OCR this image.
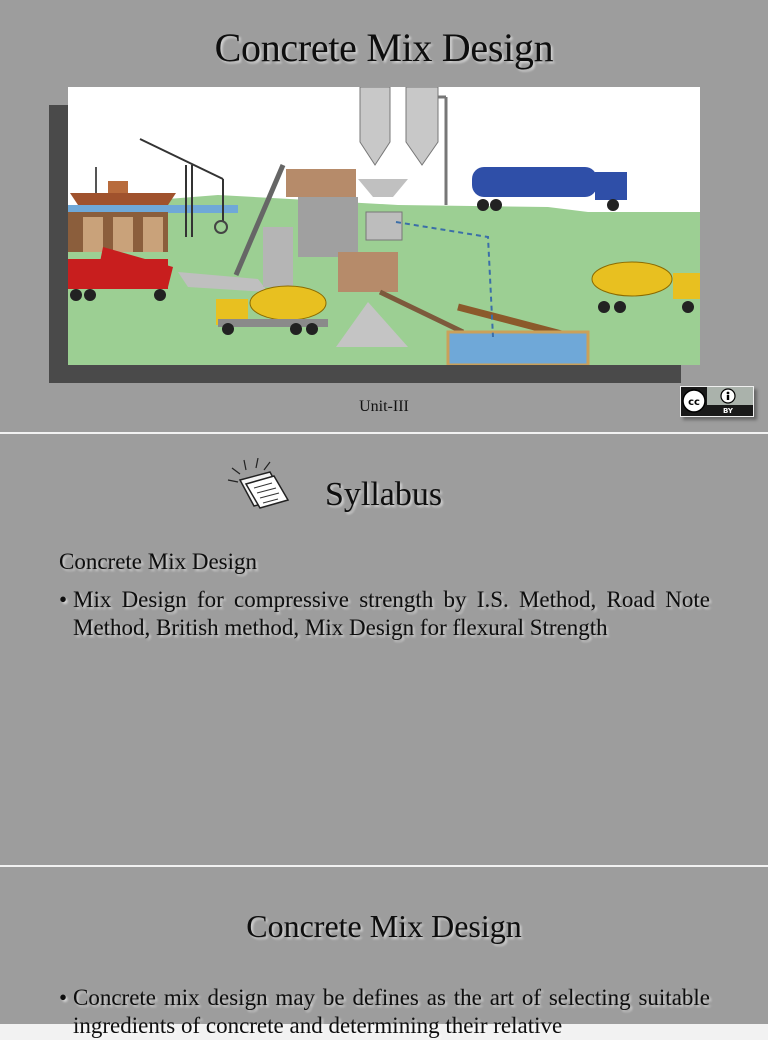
Concrete Mix Design
Unit-III	cc
BY
Syllabus
Concrete Mix Design
• Mix Design for compressive strength by I.S. Method, Road Note Method, British method, Mix Design for flexural Strength
Concrete Mix Design
• Concrete mix design may be defines as the art of selecting suitable ingredients of concrete and determining their relative
